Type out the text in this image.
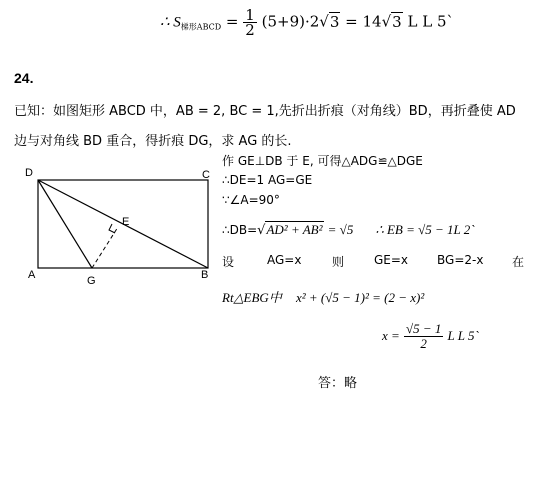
∴ $S_{梯形ABCD} = \frac{1}{2} (5+9)\cdot 2√3 = 14√3$ L L 5`
24.
已知：如图矩形 ABCD 中，AB = 2, BC = 1,先折出折痕（对角线）BD，再折叠使 AD
边与对角线 BD 重合，得折痕 DG，求 AG 的长.
D	C
A	B
G
E
作 GE⊥DB 于 E, 可得△ADG≌△DGE
∴DE=1 AG=GE
∵∠A=90°
∴DB=√AD² + AB² = √5 ∴ EB = √5 − 1L 2`
设	AG=x	则 GE=x BG=2-x 在
Rt△EBG中 x² + (√5 − 1)² = (2 − x)²
$x = \frac{√5 - 1}{2}$ L L 5`
答：略
